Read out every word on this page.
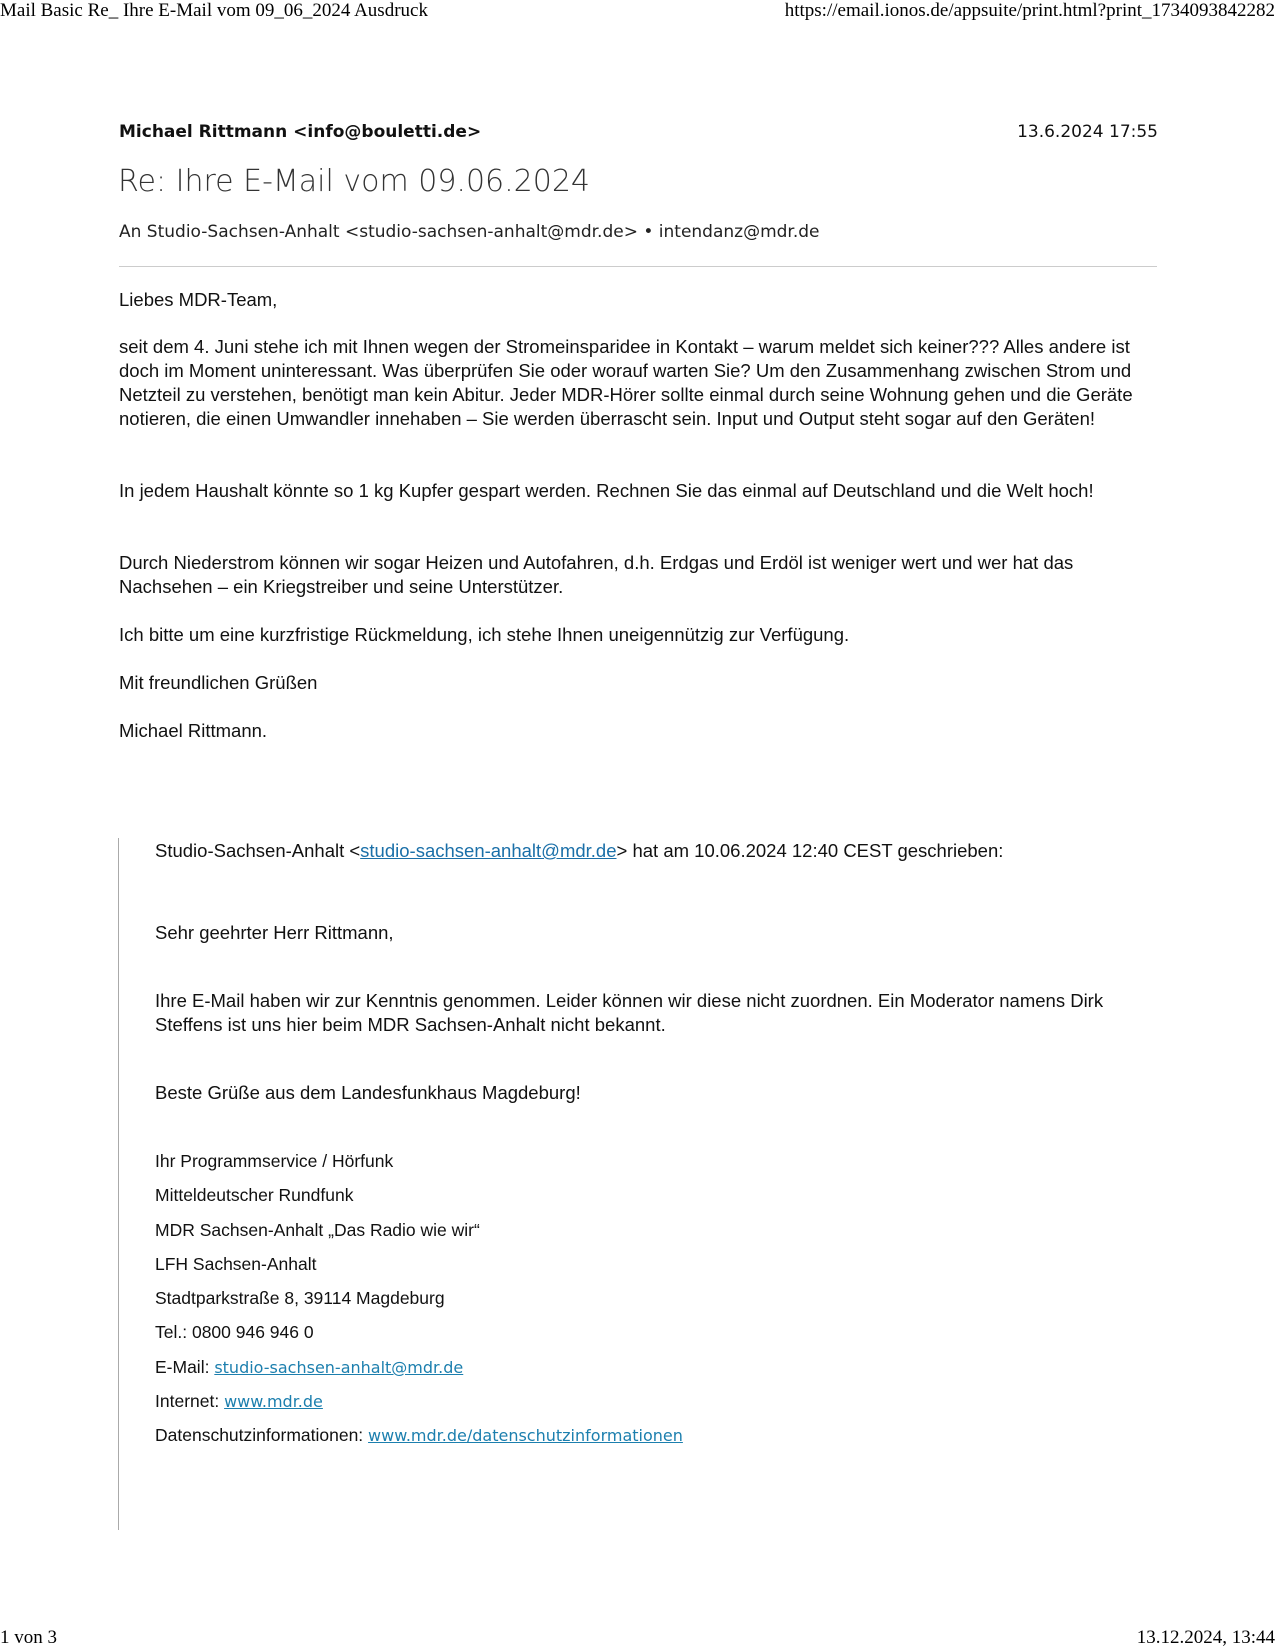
Mail Basic Re_ Ihre E-Mail vom 09_06_2024 Ausdruck	https://email.ionos.de/appsuite/print.html?print_1734093842282
Michael Rittmann <info@bouletti.de>	13.6.2024 17:55
Re: Ihre E-Mail vom 09.06.2024
An Studio-Sachsen-Anhalt <studio-sachsen-anhalt@mdr.de> • intendanz@mdr.de

Liebes MDR-Team,

seit dem 4. Juni stehe ich mit Ihnen wegen der Stromeinsparidee in Kontakt – warum meldet sich keiner??? Alles andere ist doch im Moment uninteressant. Was überprüfen Sie oder worauf warten Sie? Um den Zusammenhang zwischen Strom und Netzteil zu verstehen, benötigt man kein Abitur. Jeder MDR-Hörer sollte einmal durch seine Wohnung gehen und die Geräte notieren, die einen Umwandler innehaben – Sie werden überrascht sein. Input und Output steht sogar auf den Geräten!

In jedem Haushalt könnte so 1 kg Kupfer gespart werden. Rechnen Sie das einmal auf Deutschland und die Welt hoch!

Durch Niederstrom können wir sogar Heizen und Autofahren, d.h. Erdgas und Erdöl ist weniger wert und wer hat das Nachsehen – ein Kriegstreiber und seine Unterstützer.

Ich bitte um eine kurzfristige Rückmeldung, ich stehe Ihnen uneigennützig zur Verfügung.

Mit freundlichen Grüßen

Michael Rittmann.

Studio-Sachsen-Anhalt <studio-sachsen-anhalt@mdr.de> hat am 10.06.2024 12:40 CEST geschrieben:

Sehr geehrter Herr Rittmann,

Ihre E-Mail haben wir zur Kenntnis genommen. Leider können wir diese nicht zuordnen. Ein Moderator namens Dirk Steffens ist uns hier beim MDR Sachsen-Anhalt nicht bekannt.

Beste Grüße aus dem Landesfunkhaus Magdeburg!

Ihr Programmservice / Hörfunk
Mitteldeutscher Rundfunk
MDR Sachsen-Anhalt „Das Radio wie wir“
LFH Sachsen-Anhalt
Stadtparkstraße 8, 39114 Magdeburg
Tel.: 0800 946 946 0
E-Mail: studio-sachsen-anhalt@mdr.de
Internet: www.mdr.de
Datenschutzinformationen: www.mdr.de/datenschutzinformationen
1 von 3	13.12.2024, 13:44
